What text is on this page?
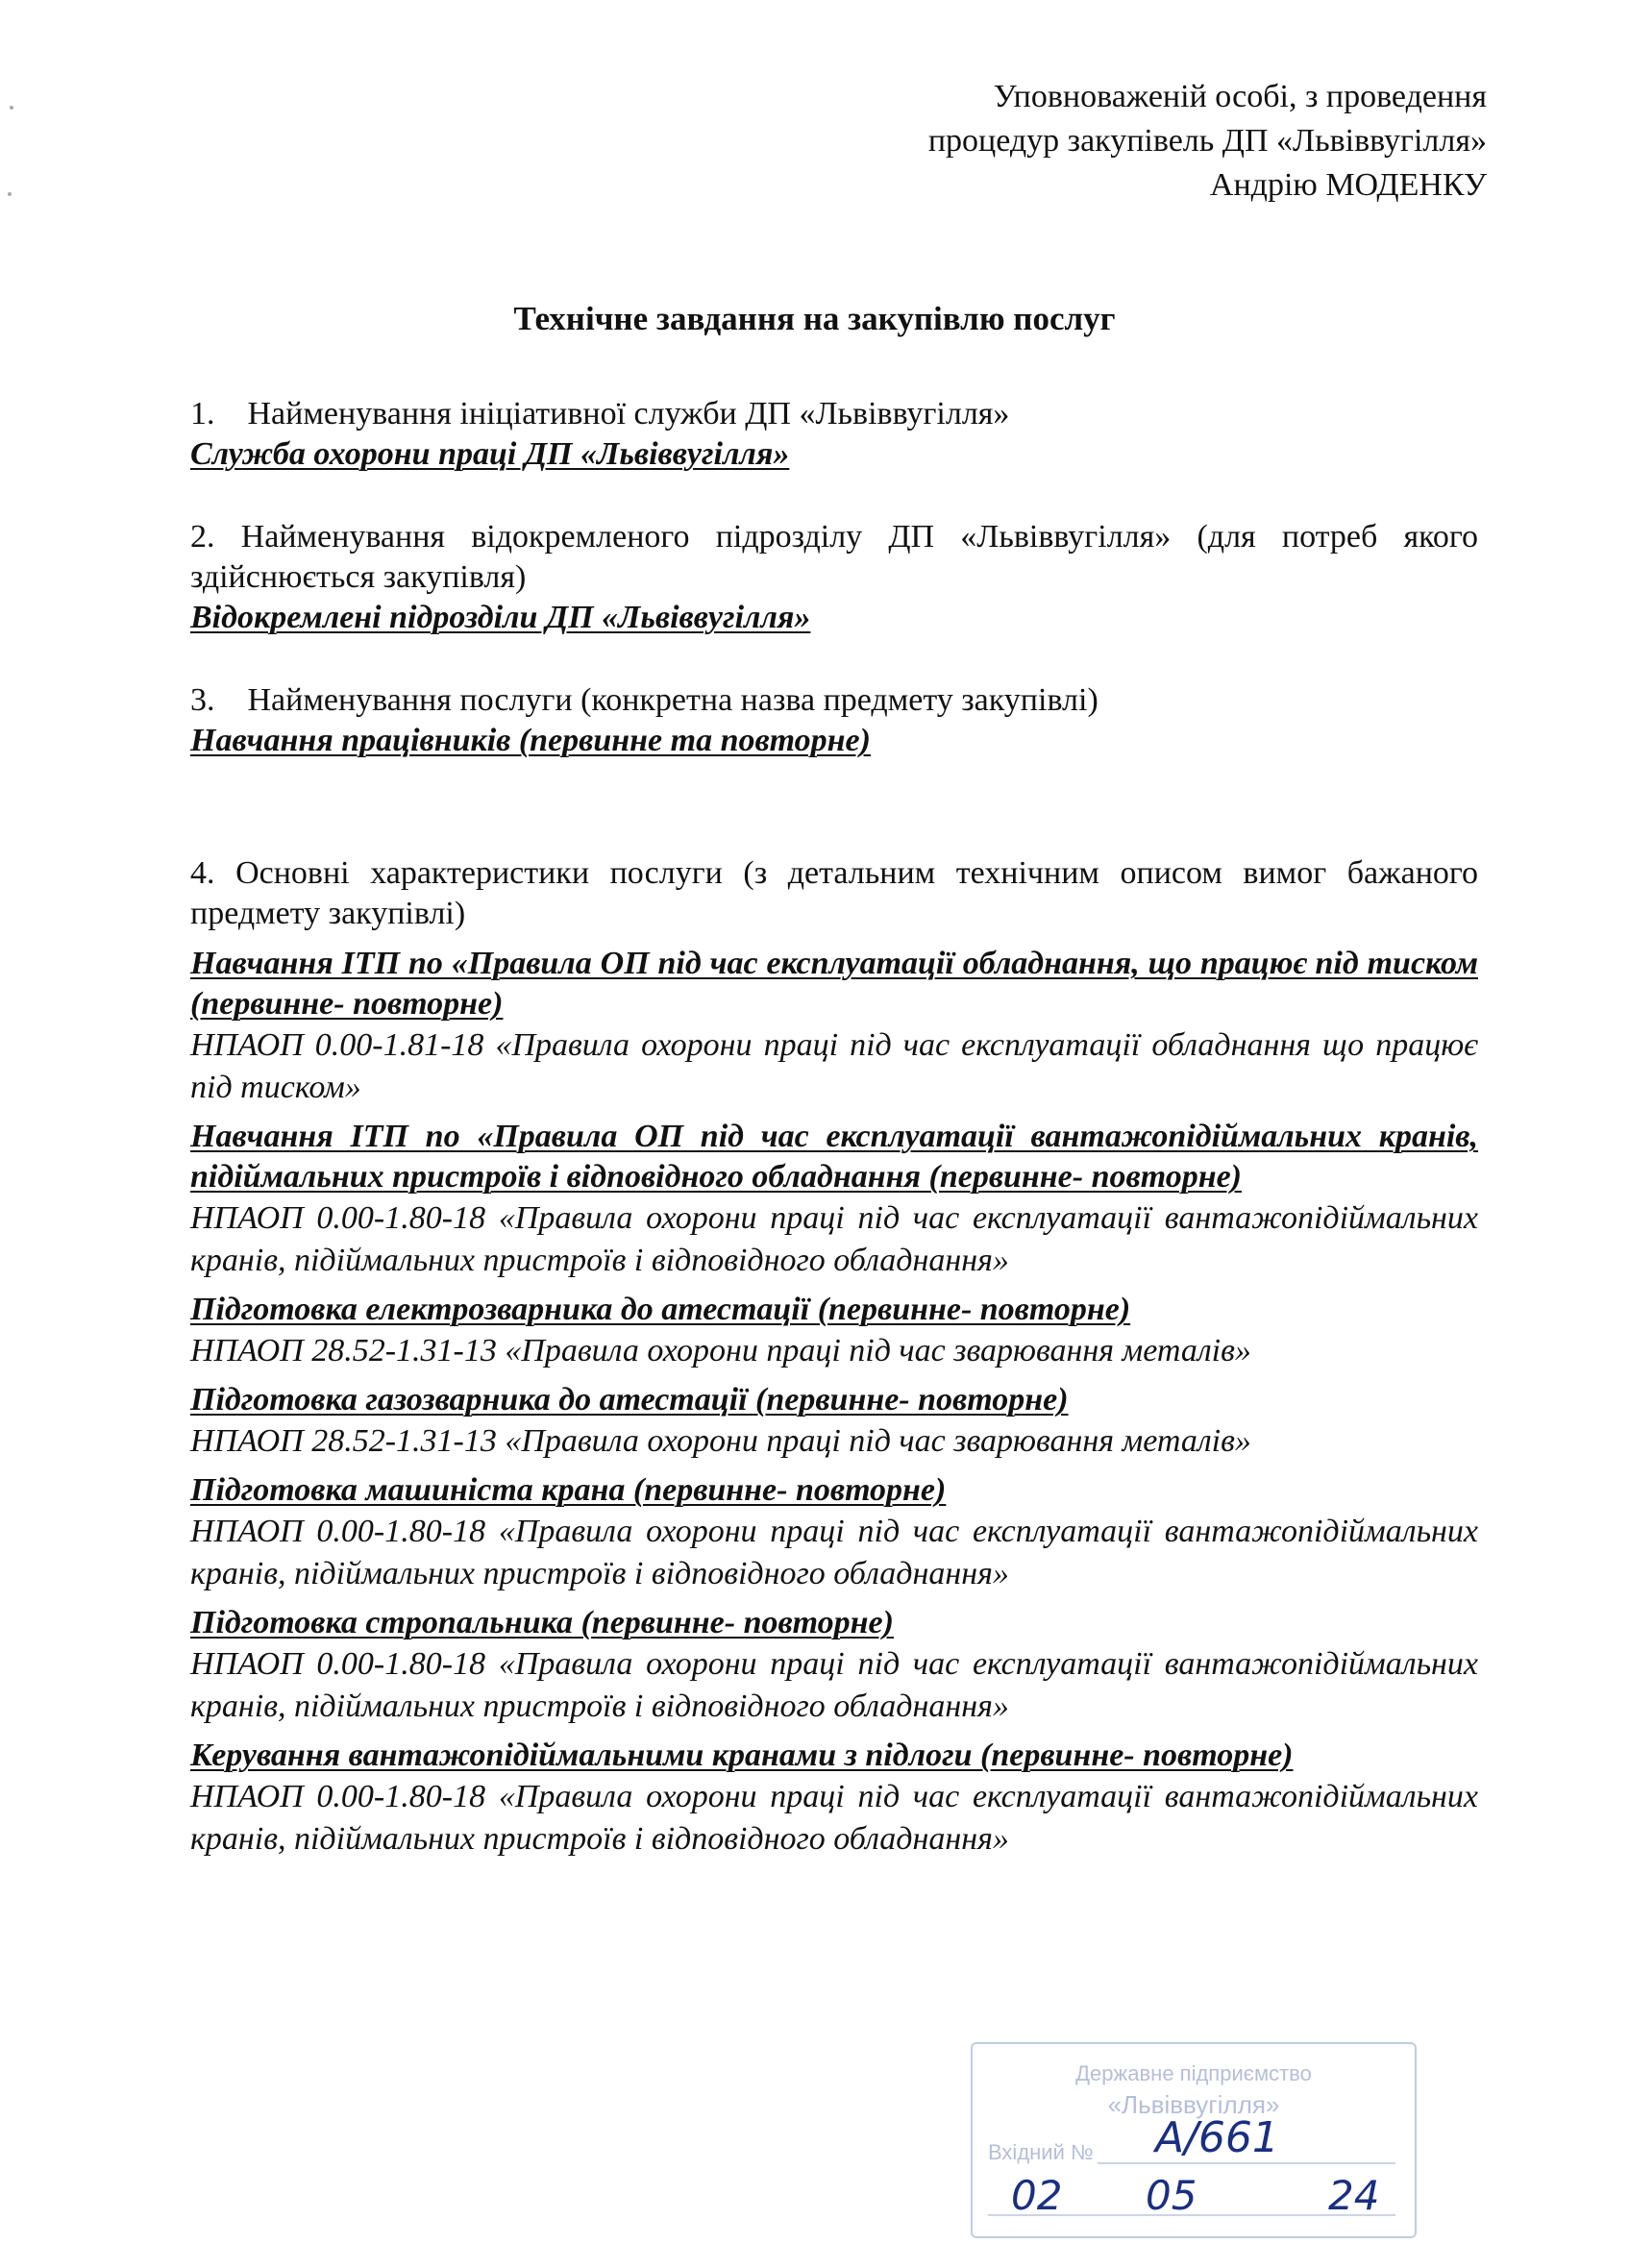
Уповноваженій особі, з проведення
процедур закупівель ДП «Львіввугілля»
Андрію МОДЕНКУ
Технічне завдання на закупівлю послуг
1. Найменування ініціативної служби ДП «Львіввугілля»
Служба охорони праці ДП «Львіввугілля»
2. Найменування відокремленого підрозділу ДП «Львіввугілля» (для потреб якого здійснюється закупівля)
Відокремлені підрозділи ДП «Львіввугілля»
3. Найменування послуги (конкретна назва предмету закупівлі)
Навчання працівників (первинне та повторне)
4. Основні характеристики послуги (з детальним технічним описом вимог бажаного предмету закупівлі)
Навчання ІТП по «Правила ОП під час експлуатації обладнання, що працює під тиском (первинне- повторне)
НПАОП 0.00-1.81-18 «Правила охорони праці під час експлуатації обладнання що працює під тиском»
Навчання ІТП по «Правила ОП під час експлуатації вантажопідіймальних кранів, підіймальних пристроїв і відповідного обладнання (первинне- повторне)
НПАОП 0.00-1.80-18 «Правила охорони праці під час експлуатації вантажопідіймальних кранів, підіймальних пристроїв і відповідного обладнання»
Підготовка електрозварника до атестації (первинне- повторне)
НПАОП 28.52-1.31-13 «Правила охорони праці під час зварювання металів»
Підготовка газозварника до атестації (первинне- повторне)
НПАОП 28.52-1.31-13 «Правила охорони праці під час зварювання металів»
Підготовка машиніста крана (первинне- повторне)
НПАОП 0.00-1.80-18 «Правила охорони праці під час експлуатації вантажопідіймальних кранів, підіймальних пристроїв і відповідного обладнання»
Підготовка стропальника (первинне- повторне)
НПАОП 0.00-1.80-18 «Правила охорони праці під час експлуатації вантажопідіймальних кранів, підіймальних пристроїв і відповідного обладнання»
Керування вантажопідіймальними кранами з підлоги (первинне- повторне)
НПАОП 0.00-1.80-18 «Правила охорони праці під час експлуатації вантажопідіймальних кранів, підіймальних пристроїв і відповідного обладнання»
Державне підприємство
«Львіввугілля»
Вхідний № А/661
02 05	24
